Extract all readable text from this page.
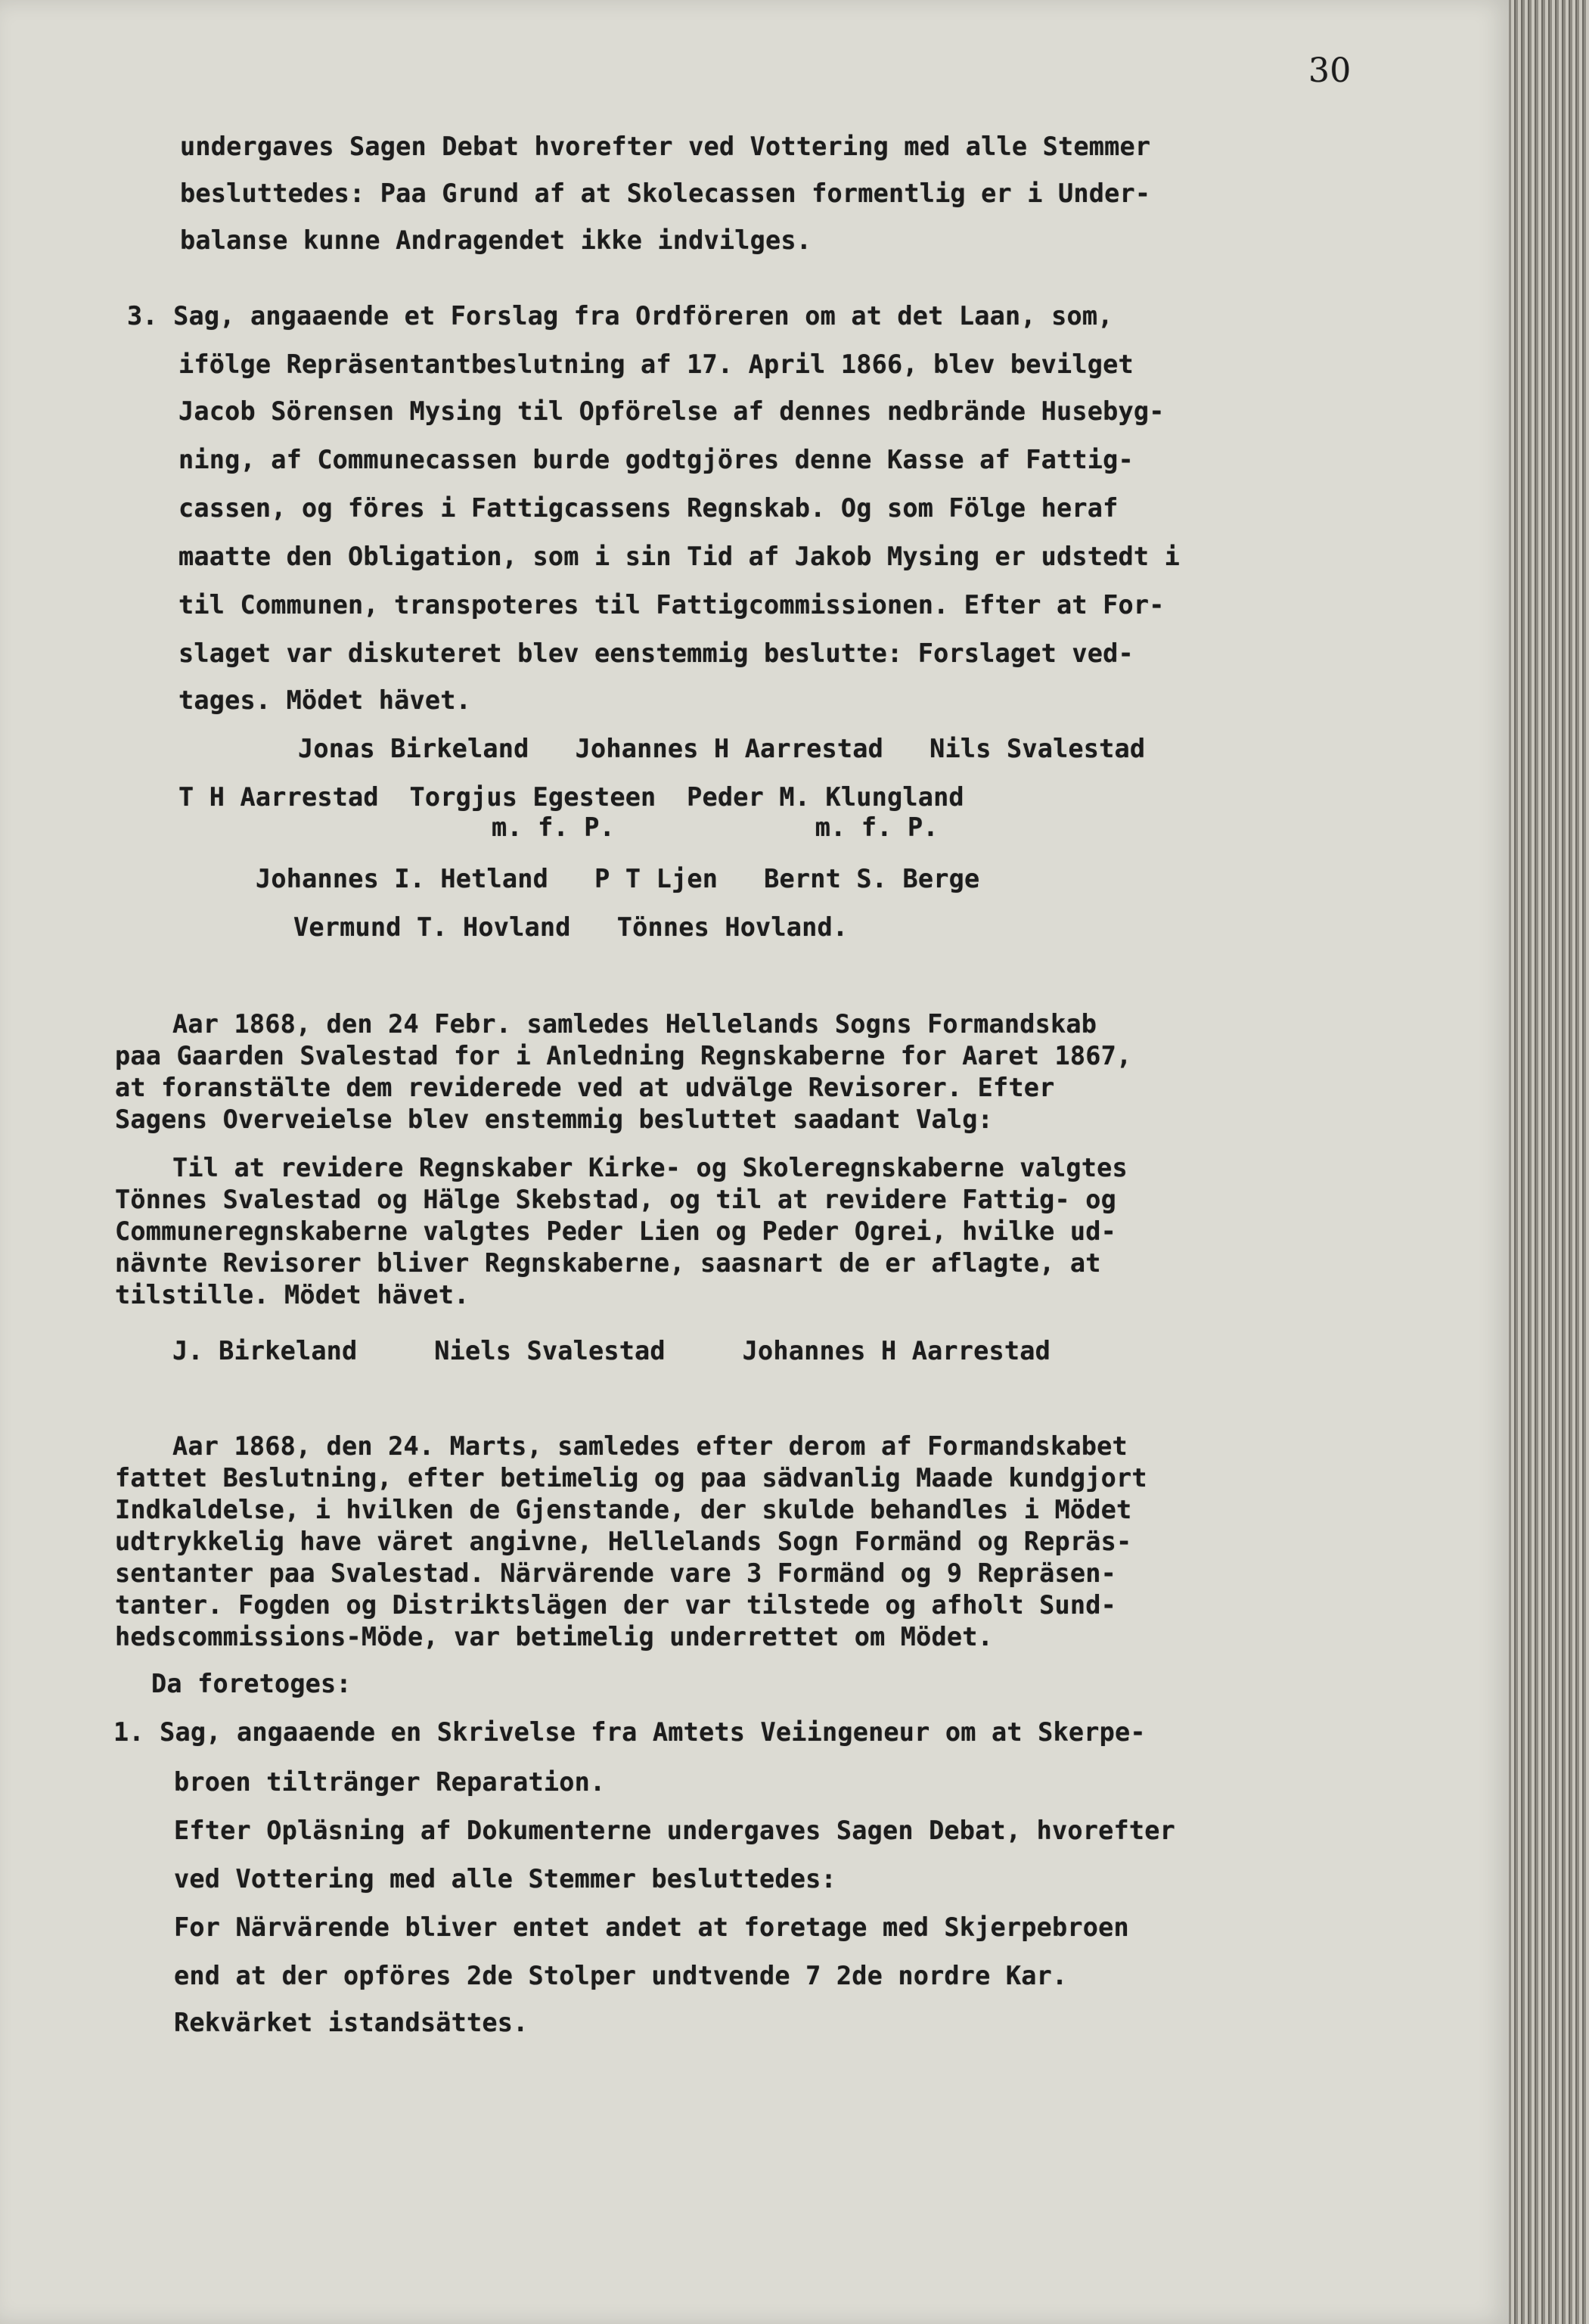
30
undergaves Sagen Debat hvorefter ved Vottering med alle Stemmer
besluttedes: Paa Grund af at Skolecassen formentlig er i Under-
balanse kunne Andragendet ikke indvilges.
3. Sag, angaaende et Forslag fra Ordföreren om at det Laan, som,
ifölge Repräsentantbeslutning af 17. April 1866, blev bevilget
Jacob Sörensen Mysing til Opförelse af dennes nedbrände Husebyg-
ning, af Communecassen burde godtgjöres denne Kasse af Fattig-
cassen, og föres i Fattigcassens Regnskab. Og som Fölge heraf
maatte den Obligation, som i sin Tid af Jakob Mysing er udstedt i
til Communen, transpoteres til Fattigcommissionen. Efter at For-
slaget var diskuteret blev eenstemmig beslutte: Forslaget ved-
tages. Mödet hävet.
Jonas Birkeland   Johannes H Aarrestad   Nils Svalestad
T H Aarrestad  Torgjus Egesteen  Peder M. Klungland
m. f. P.             m. f. P.
Johannes I. Hetland   P T Ljen   Bernt S. Berge
Vermund T. Hovland   Tönnes Hovland.
Aar 1868, den 24 Febr. samledes Hellelands Sogns Formandskab
paa Gaarden Svalestad for i Anledning Regnskaberne for Aaret 1867,
at foranstälte dem reviderede ved at udvälge Revisorer. Efter
Sagens Overveielse blev enstemmig besluttet saadant Valg:
Til at revidere Regnskaber Kirke- og Skoleregnskaberne valgtes
Tönnes Svalestad og Hälge Skebstad, og til at revidere Fattig- og
Communeregnskaberne valgtes Peder Lien og Peder Ogrei, hvilke ud-
nävnte Revisorer bliver Regnskaberne, saasnart de er aflagte, at
tilstille. Mödet hävet.
J. Birkeland     Niels Svalestad     Johannes H Aarrestad
Aar 1868, den 24. Marts, samledes efter derom af Formandskabet
fattet Beslutning, efter betimelig og paa sädvanlig Maade kundgjort
Indkaldelse, i hvilken de Gjenstande, der skulde behandles i Mödet
udtrykkelig have väret angivne, Hellelands Sogn Formänd og Repräs-
sentanter paa Svalestad. Närvärende vare 3 Formänd og 9 Repräsen-
tanter. Fogden og Distriktslägen der var tilstede og afholt Sund-
hedscommissions-Möde, var betimelig underrettet om Mödet.
Da foretoges:
1. Sag, angaaende en Skrivelse fra Amtets Veiingeneur om at Skerpe-
broen tiltränger Reparation.
Efter Opläsning af Dokumenterne undergaves Sagen Debat, hvorefter
ved Vottering med alle Stemmer besluttedes:
For Närvärende bliver entet andet at foretage med Skjerpebroen
end at der opföres 2de Stolper undtvende 7 2de nordre Kar.
Rekvärket istandsättes.
